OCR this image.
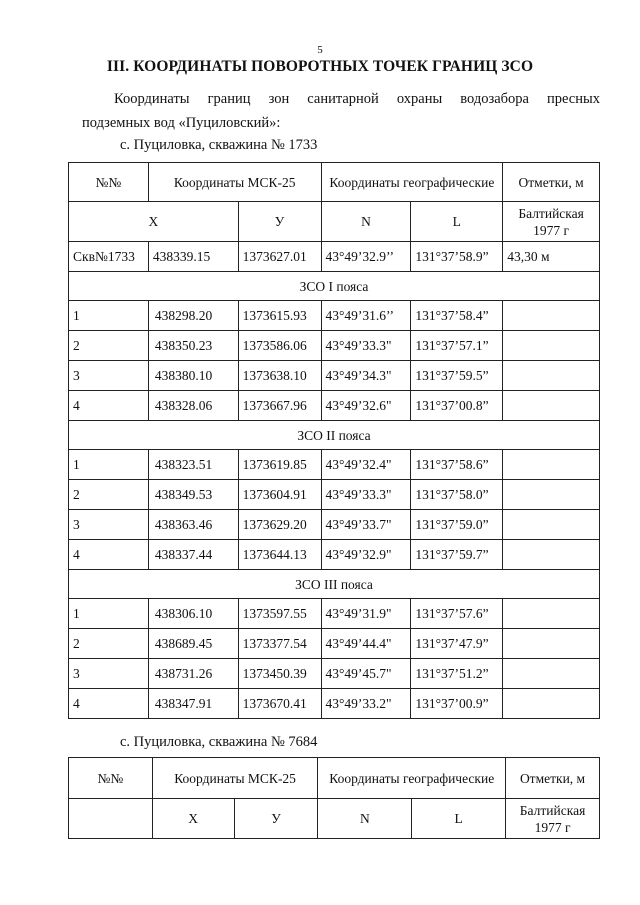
5
III. КООРДИНАТЫ ПОВОРОТНЫХ ТОЧЕК ГРАНИЦ ЗСО
Координаты границ зон санитарной охраны водозабора пресных
подземных вод «Пуциловский»:
с. Пуциловка, скважина № 1733
№№	Координаты МСК-25		Координаты географические		Отметки, м
X		У	N	L	Балтийская 1977 г
Скв№1733	438339.15	1373627.01	43°49’32.9’’	131°37’58.9”	43,30 м
ЗСО I пояса					
1	438298.20	1373615.93	43°49’31.6’’	131°37’58.4”	
2	438350.23	1373586.06	43°49’33.3"	131°37’57.1”	
3	438380.10	1373638.10	43°49’34.3"	131°37’59.5”	
4	438328.06	1373667.96	43°49’32.6"	131°37’00.8”	
ЗСО II пояса					
1	438323.51	1373619.85	43°49’32.4"	131°37’58.6”	
2	438349.53	1373604.91	43°49’33.3"	131°37’58.0”	
3	438363.46	1373629.20	43°49’33.7"	131°37’59.0”	
4	438337.44	1373644.13	43°49’32.9"	131°37’59.7”	
ЗСО III пояса					
1	438306.10	1373597.55	43°49’31.9"	131°37’57.6”	
2	438689.45	1373377.54	43°49’44.4"	131°37’47.9”	
3	438731.26	1373450.39	43°49’45.7"	131°37’51.2”	
4	438347.91	1373670.41	43°49’33.2"	131°37’00.9”	
с. Пуциловка, скважина № 7684
№№	Координаты МСК-25		Координаты географические		Отметки, м
	X	У	N	L	Балтийская 1977 г
